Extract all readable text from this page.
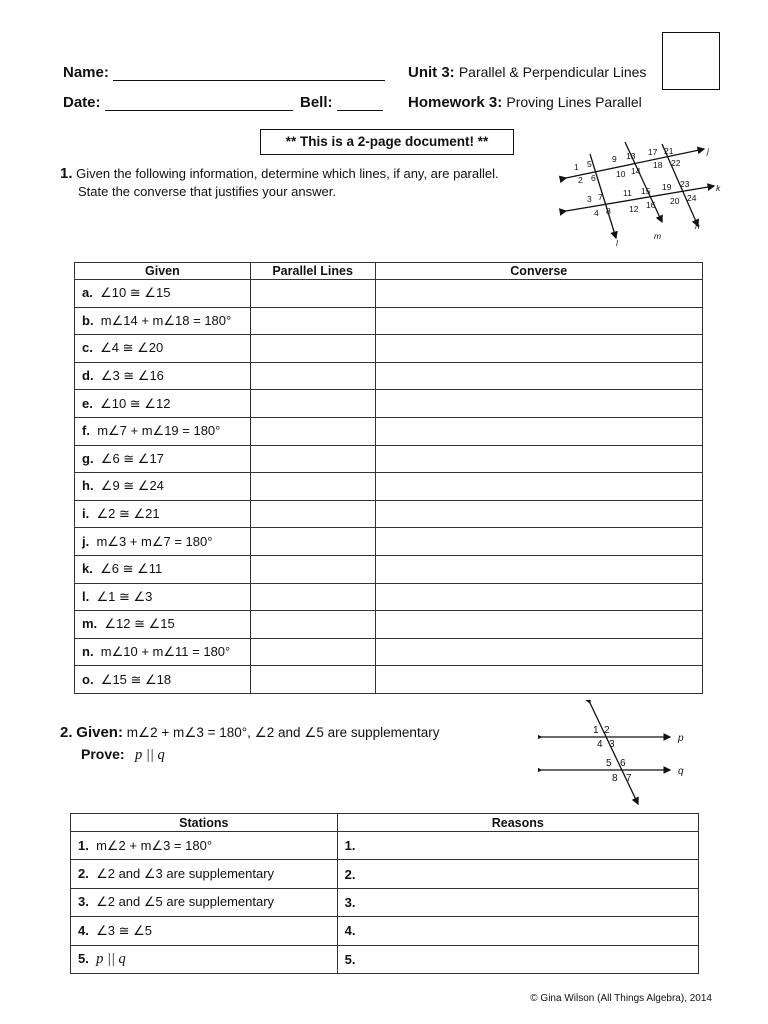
Name:	Unit 3: Parallel & Perpendicular Lines
Date:	Bell:	Homework 3: Proving Lines Parallel
** This is a 2-page document! **
1. Given the following information, determine which lines, if any, are parallel.
State the converse that justifies your answer.
j
k
l
m
n
1 5
2 6
9 13
10 14
17 21
18 22
3 7
4 8
11 15
12 16
19 23
20 24
Given	Parallel Lines	Converse
a. ∠10 ≅ ∠15		
b. m∠14 + m∠18 = 180°		
c. ∠4 ≅ ∠20		
d. ∠3 ≅ ∠16		
e. ∠10 ≅ ∠12		
f. m∠7 + m∠19 = 180°		
g. ∠6 ≅ ∠17		
h. ∠9 ≅ ∠24		
i. ∠2 ≅ ∠21		
j. m∠3 + m∠7 = 180°		
k. ∠6 ≅ ∠11		
l. ∠1 ≅ ∠3		
m. ∠12 ≅ ∠15		
n. m∠10 + m∠11 = 180°		
o. ∠15 ≅ ∠18		
2. Given: m∠2 + m∠3 = 180°, ∠2 and ∠5 are supplementary
Prove: p || q
p
q
1 2
4 3
5 6
8 7
Stations	Reasons
1. m∠2 + m∠3 = 180°	1.
2. ∠2 and ∠3 are supplementary	2.
3. ∠2 and ∠5 are supplementary	3.
4. ∠3 ≅ ∠5	4.
5. p || q	5.
© Gina Wilson (All Things Algebra), 2014
